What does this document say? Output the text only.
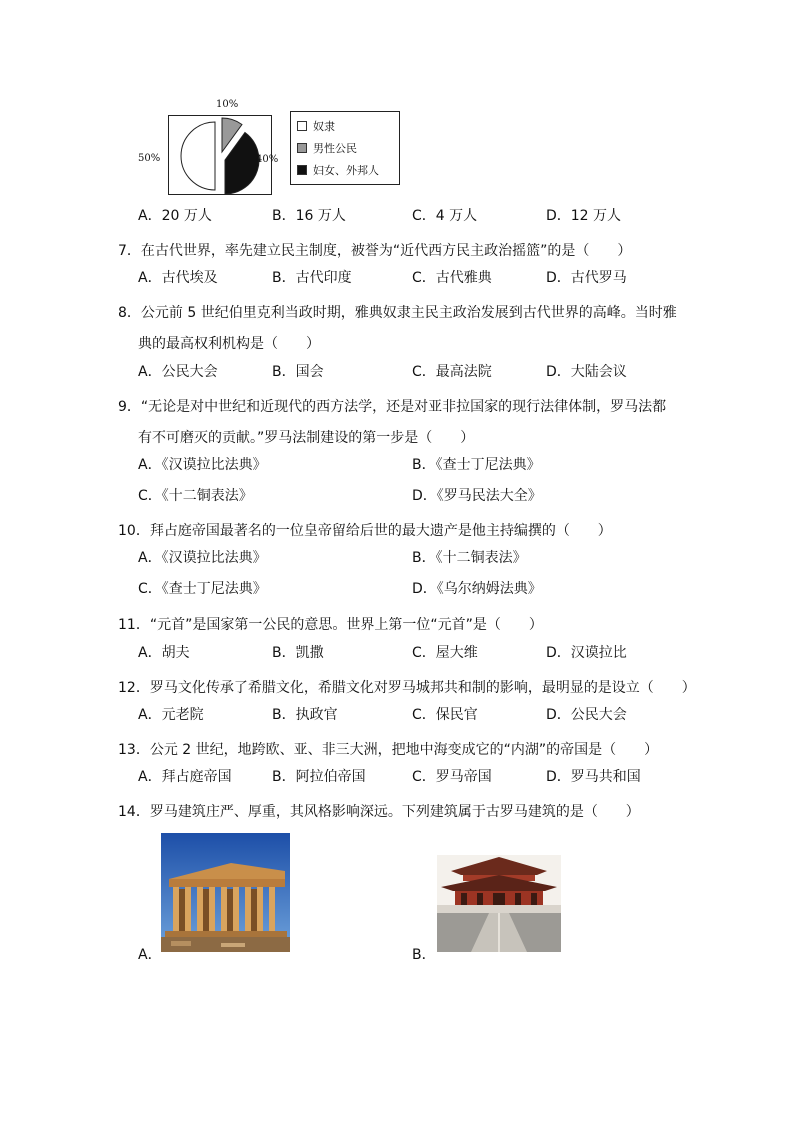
50%
10%
40%
奴隶
男性公民
妇女、外邦人
A．20 万人	B．16 万人	C．4 万人	D．12 万人
7．在古代世界，率先建立民主制度，被誉为“近代西方民主政治摇篮”的是（　　）
A．古代埃及	B．古代印度	C．古代雅典	D．古代罗马
8．公元前 5 世纪伯里克利当政时期，雅典奴隶主民主政治发展到古代世界的高峰。当时雅
典的最高权利机构是（　　）
A．公民大会	B．国会	C．最高法院	D．大陆会议
9．“无论是对中世纪和近现代的西方法学，还是对亚非拉国家的现行法律体制，罗马法都
有不可磨灭的贡献。”罗马法制建设的第一步是（　　）
A．《汉谟拉比法典》	B．《查士丁尼法典》
C．《十二铜表法》	D．《罗马民法大全》
10．拜占庭帝国最著名的一位皇帝留给后世的最大遗产是他主持编撰的（　　）
A．《汉谟拉比法典》	B．《十二铜表法》
C．《查士丁尼法典》	D．《乌尔纳姆法典》
11．“元首”是国家第一公民的意思。世界上第一位“元首”是（　　）
A．胡夫	B．凯撒	C．屋大维	D．汉谟拉比
12．罗马文化传承了希腊文化，希腊文化对罗马城邦共和制的影响，最明显的是设立（　　）
A．元老院	B．执政官	C．保民官	D．公民大会
13．公元 2 世纪，地跨欧、亚、非三大洲，把地中海变成它的“内湖”的帝国是（　　）
A．拜占庭帝国	B．阿拉伯帝国	C．罗马帝国	D．罗马共和国
14．罗马建筑庄严、厚重，其风格影响深远。下列建筑属于古罗马建筑的是（　　）
A．	B．
